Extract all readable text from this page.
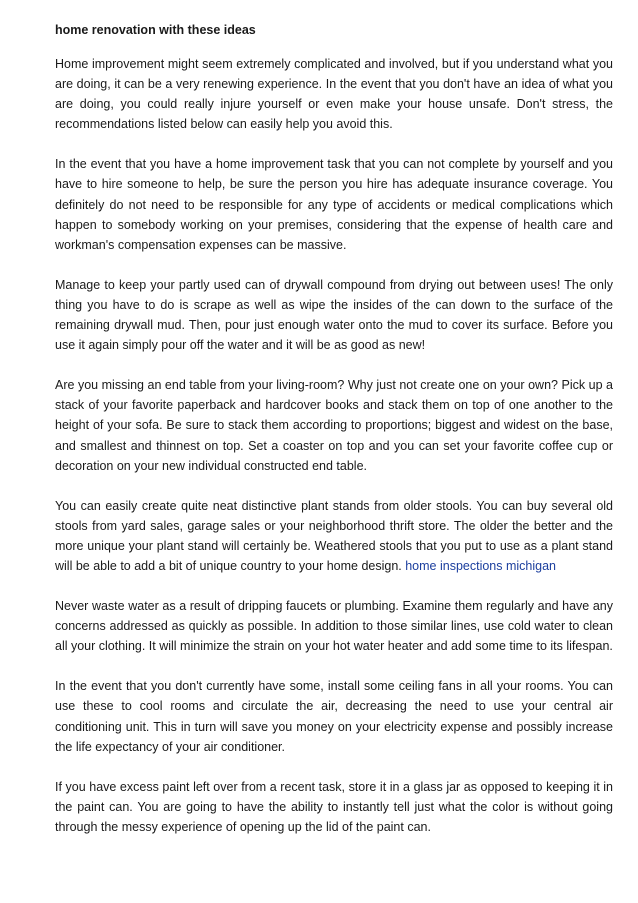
home renovation with these ideas

Home improvement might seem extremely complicated and involved, but if you understand what you are doing, it can be a very renewing experience. In the event that you don't have an idea of what you are doing, you could really injure yourself or even make your house unsafe. Don't stress, the recommendations listed below can easily help you avoid this.

In the event that you have a home improvement task that you can not complete by yourself and you have to hire someone to help, be sure the person you hire has adequate insurance coverage. You definitely do not need to be responsible for any type of accidents or medical complications which happen to somebody working on your premises, considering that the expense of health care and workman's compensation expenses can be massive.

Manage to keep your partly used can of drywall compound from drying out between uses! The only thing you have to do is scrape as well as wipe the insides of the can down to the surface of the remaining drywall mud. Then, pour just enough water onto the mud to cover its surface. Before you use it again simply pour off the water and it will be as good as new!

Are you missing an end table from your living-room? Why just not create one on your own? Pick up a stack of your favorite paperback and hardcover books and stack them on top of one another to the height of your sofa. Be sure to stack them according to proportions; biggest and widest on the base, and smallest and thinnest on top. Set a coaster on top and you can set your favorite coffee cup or decoration on your new individual constructed end table.

You can easily create quite neat distinctive plant stands from older stools. You can buy several old stools from yard sales, garage sales or your neighborhood thrift store. The older the better and the more unique your plant stand will certainly be. Weathered stools that you put to use as a plant stand will be able to add a bit of unique country to your home design. home inspections michigan

Never waste water as a result of dripping faucets or plumbing. Examine them regularly and have any concerns addressed as quickly as possible. In addition to those similar lines, use cold water to clean all your clothing. It will minimize the strain on your hot water heater and add some time to its lifespan.

In the event that you don't currently have some, install some ceiling fans in all your rooms. You can use these to cool rooms and circulate the air, decreasing the need to use your central air conditioning unit. This in turn will save you money on your electricity expense and possibly increase the life expectancy of your air conditioner.

If you have excess paint left over from a recent task, store it in a glass jar as opposed to keeping it in the paint can. You are going to have the ability to instantly tell just what the color is without going through the messy experience of opening up the lid of the paint can.
